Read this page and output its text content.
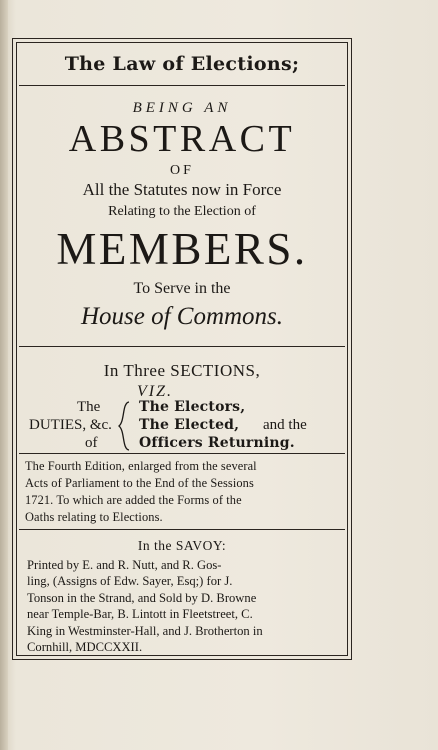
The Law of Elections;
BEING AN
ABSTRACT
OF
All the Statutes now in Force
Relating to the Election of
MEMBERS.
To Serve in the
House of Commons.
In Three SECTIONS,
VIZ.
The
DUTIES, &c.
of
The Electors,
The Elected,
Officers Returning.
and the
The Fourth Edition, enlarged from the several
Acts of Parliament to the End of the Sessions
1721. To which are added the Forms of the
Oaths relating to Elections.
In the SAVOY:
Printed by E. and R. Nutt, and R. Gos-
ling, (Assigns of Edw. Sayer, Esq;) for J.
Tonson in the Strand, and Sold by D. Browne
near Temple-Bar, B. Lintott in Fleetstreet, C.
King in Westminster-Hall, and J. Brotherton in
Cornhill, MDCCXXII.
